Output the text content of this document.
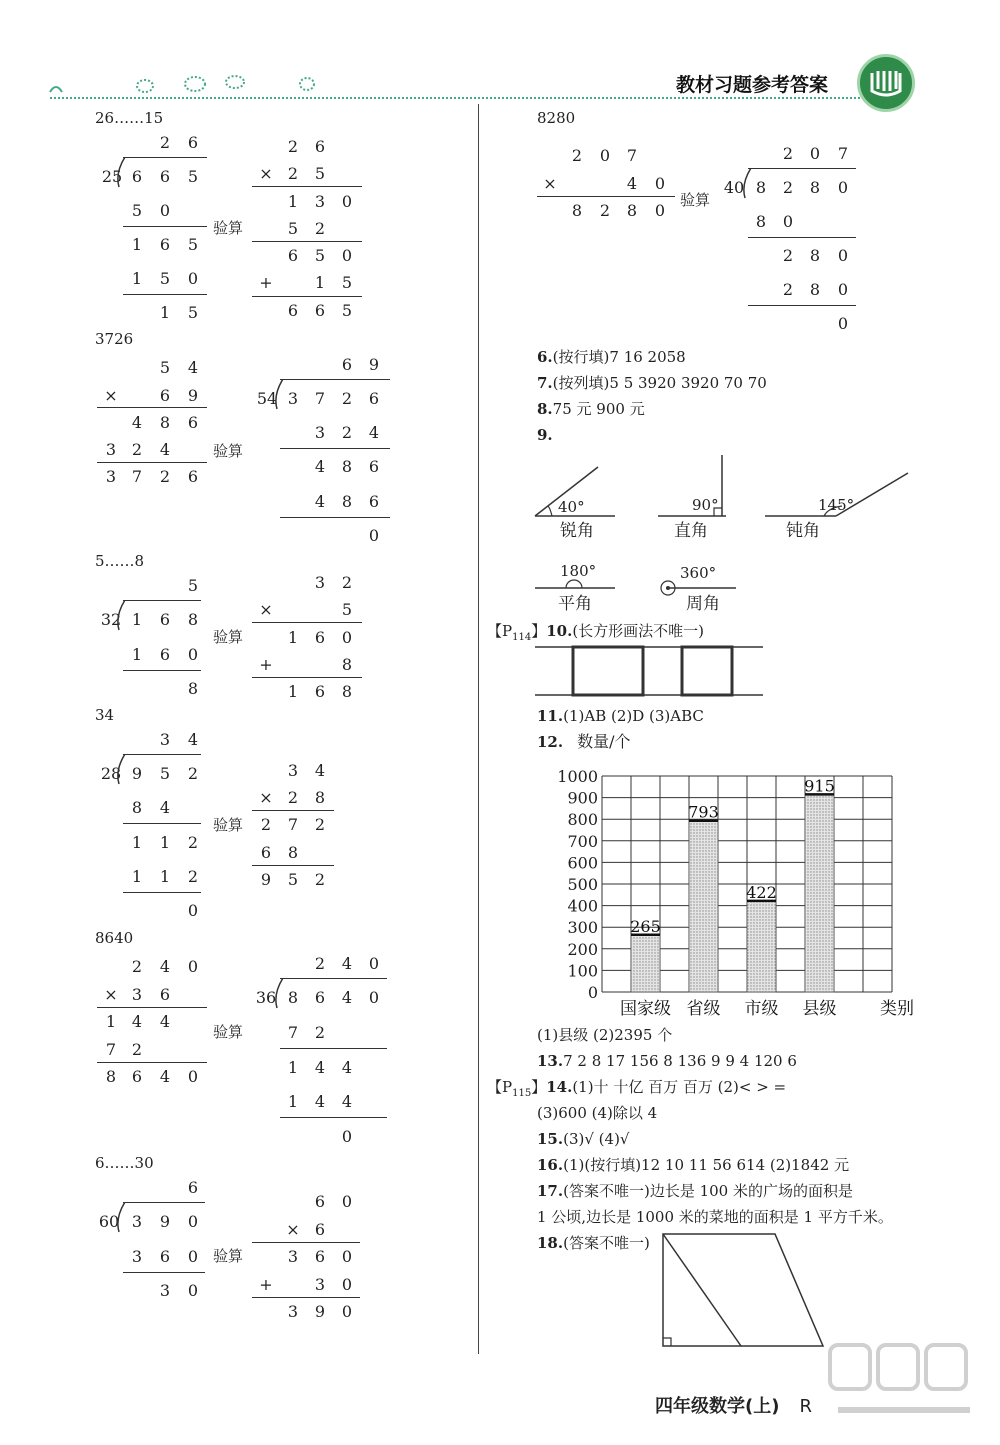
教材习题参考答案
26……15
2	6
25 6	6	5
5	0
1	6	5
1	5	0
1	5
验算
2	6
× 2	5
1	3	0
5	2
6	5	0
+	1	5
6	6	5
3726
5	4
×	6	9
4	8	6
3 2	4
3 7	2	6
验算
6	9
54 3	7	2	6
3	2	4
4	8	6
4	8	6
0
5……8
5
32 1	6	8
1	6	0
8
验算
3	2
×	5
1	6	0
+	8
1	6	8
34
3	4
28 9	5	2
8	4
1	1	2
1	1	2
0
验算
3	4
× 2	8
2	7	2
6	8
9	5	2
8640
2	4	0
× 3	6
1 4	4
7 2
8 6	4	0
验算
2	4	0
36 8	6	4	0
7	2
1	4	4
1	4	4
0
6……30
6
60 3	9	0
3	6	0
3	0
验算
6	0
× 6
3	6	0
+	3	0
3	9	0
8280
2	0	7
×	4	0
8	2	8	0
验算
2	0	7
40 8	2	8	0
8	0
2	8	0
2	8	0
0
6.(按行填)7 16 2058
7.(按列填)5 5 3920 3920 70 70
8.75 元 900 元
9.
40°
锐角
90°
直角
145°
钝角
180°
平角
360°
周角
【$P_{114}$】10.(长方形画法不唯一)
11.(1)AB (2)D (3)ABC
12. 数量/个
0
100
200
300
400
500
600
700
800
900
1000
265
国家级
793
省级
422
市级
915
县级	类别
(1)县级 (2)2395 个
13.7 2 8 17 156 8 136 9 9 4 120 6
【$P_{115}$】14.(1)十 十亿 百万 百万 (2)< > =
(3)600 (4)除以 4
15.(3)√ (4)√
16.(1)(按行填)12 10 11 56 614 (2)1842 元
17.(答案不唯一)边长是 100 米的广场的面积是
1 公顷,边长是 1000 米的菜地的面积是 1 平方千米。
18.(答案不唯一)
四年级数学(上) R
